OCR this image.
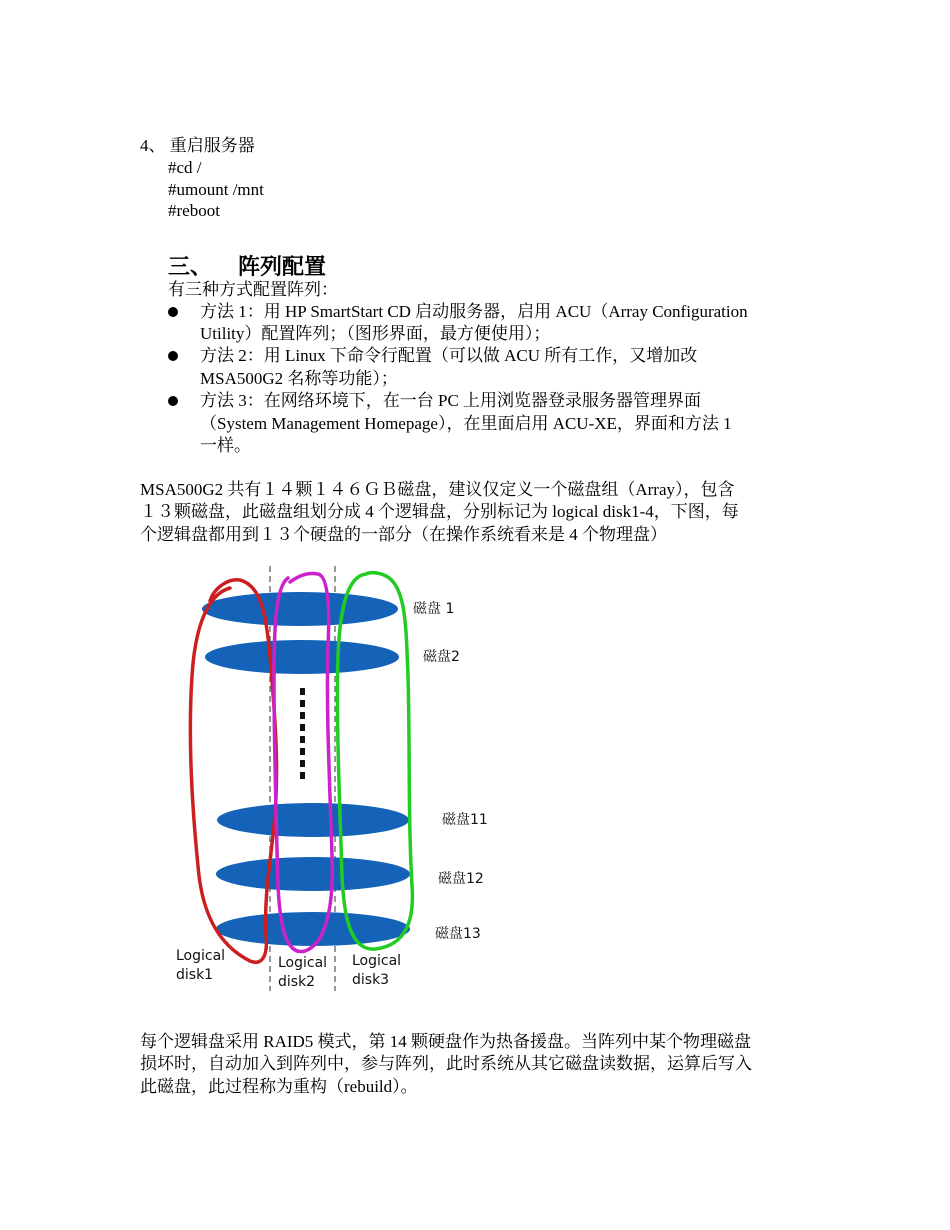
4、 重启服务器
#cd /
#umount /mnt
#reboot
三、 阵列配置
有三种方式配置阵列：
方法 1：用 HP SmartStart CD 启动服务器，启用 ACU（Array Configuration
Utility）配置阵列；（图形界面，最方便使用）；
方法 2：用 Linux 下命令行配置（可以做 ACU 所有工作，又增加改
MSA500G2 名称等功能）；
方法 3：在网络环境下，在一台 PC 上用浏览器登录服务器管理界面
（System Management Homepage），在里面启用 ACU-XE，界面和方法 1
一样。
MSA500G2 共有１４颗１４６ＧＢ磁盘，建议仅定义一个磁盘组（Array），包含
１３颗磁盘，此磁盘组划分成 4 个逻辑盘，分别标记为 logical disk1-4，下图，每
个逻辑盘都用到１３个硬盘的一部分（在操作系统看来是 4 个物理盘）
磁盘 1
磁盘2
磁盘11
磁盘12
磁盘13
Logical
disk1
Logical
disk2
Logical
disk3
每个逻辑盘采用 RAID5 模式，第 14 颗硬盘作为热备援盘。当阵列中某个物理磁盘
损坏时，自动加入到阵列中，参与阵列，此时系统从其它磁盘读数据，运算后写入
此磁盘，此过程称为重构（rebuild）。
